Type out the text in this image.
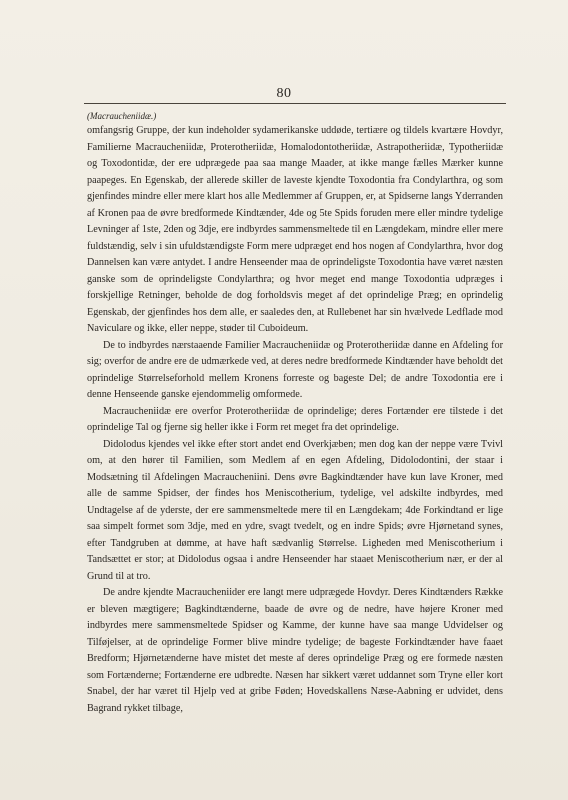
80
(Macraucheniidæ.)

omfangsrig Gruppe, der kun indeholder sydamerikanske uddøde, tertiære og tildels kvartære Hovdyr, Familierne Macraucheniidæ, Proterotheriidæ, Homalodontotheriidæ, Astrapotheriidæ, Typotheriidæ og Toxodontidæ, der ere udprægede paa saa mange Maader, at ikke mange fælles Mærker kunne paapeges. En Egenskab, der allerede skiller de laveste kjendte Toxodontia fra Condylarthra, og som gjenfindes mindre eller mere klart hos alle Medlemmer af Gruppen, er, at Spidserne langs Yderranden af Kronen paa de øvre bredformede Kindtænder, 4de og 5te Spids foruden mere eller mindre tydelige Levninger af 1ste, 2den og 3dje, ere indbyrdes sammensmeltede til en Længdekam, mindre eller mere fuldstændig, selv i sin ufuldstændigste Form mere udpræget end hos nogen af Condylarthra, hvor dog Dannelsen kan være antydet. I andre Henseender maa de oprindeligste Toxodontia have været næsten ganske som de oprindeligste Condylarthra; og hvor meget end mange Toxodontia udpræges i forskjellige Retninger, beholde de dog forholdsvis meget af det oprindelige Præg; en oprindelig Egenskab, der gjenfindes hos dem alle, er saaledes den, at Rullebenet har sin hvælvede Ledflade mod Naviculare og ikke, eller neppe, støder til Cuboideum.

De to indbyrdes nærstaaende Familier Macraucheniidæ og Proterotheriidæ danne en Afdeling for sig; overfor de andre ere de udmærkede ved, at deres nedre bredformede Kindtænder have beholdt det oprindelige Størrelseforhold mellem Kronens forreste og bageste Del; de andre Toxodontia ere i denne Henseende ganske ejendommelig omformede.

Macraucheniidæ ere overfor Proterotheriidæ de oprindelige; deres Fortænder ere tilstede i det oprindelige Tal og fjerne sig heller ikke i Form ret meget fra det oprindelige.

Didolodus kjendes vel ikke efter stort andet end Overkjæben; men dog kan der neppe være Tvivl om, at den hører til Familien, som Medlem af en egen Afdeling, Didolodontini, der staar i Modsætning til Afdelingen Macraucheniini. Dens øvre Bagkindtænder have kun lave Kroner, med alle de samme Spidser, der findes hos Meniscotherium, tydelige, vel adskilte indbyrdes, med Undtagelse af de yderste, der ere sammensmeltede mere til en Længdekam; 4de Forkindtand er lige saa simpelt formet som 3dje, med en ydre, svagt tvedelt, og en indre Spids; øvre Hjørnetand synes, efter Tandgruben at dømme, at have haft sædvanlig Størrelse. Ligheden med Meniscotherium i Tandsættet er stor; at Didolodus ogsaa i andre Henseender har staaet Meniscotherium nær, er der al Grund til at tro.

De andre kjendte Macraucheniider ere langt mere udprægede Hovdyr. Deres Kindtænders Række er bleven mægtigere; Bagkindtænderne, baade de øvre og de nedre, have højere Kroner med indbyrdes mere sammensmeltede Spidser og Kamme, der kunne have saa mange Udvidelser og Tilføjelser, at de oprindelige Former blive mindre tydelige; de bageste Forkindtænder have faaet Bredform; Hjørnetænderne have mistet det meste af deres oprindelige Præg og ere formede næsten som Fortænderne; Fortænderne ere udbredte. Næsen har sikkert været uddannet som Tryne eller kort Snabel, der har været til Hjelp ved at gribe Føden; Hovedskallens Næse-Aabning er udvidet, dens Bagrand rykket tilbage,
